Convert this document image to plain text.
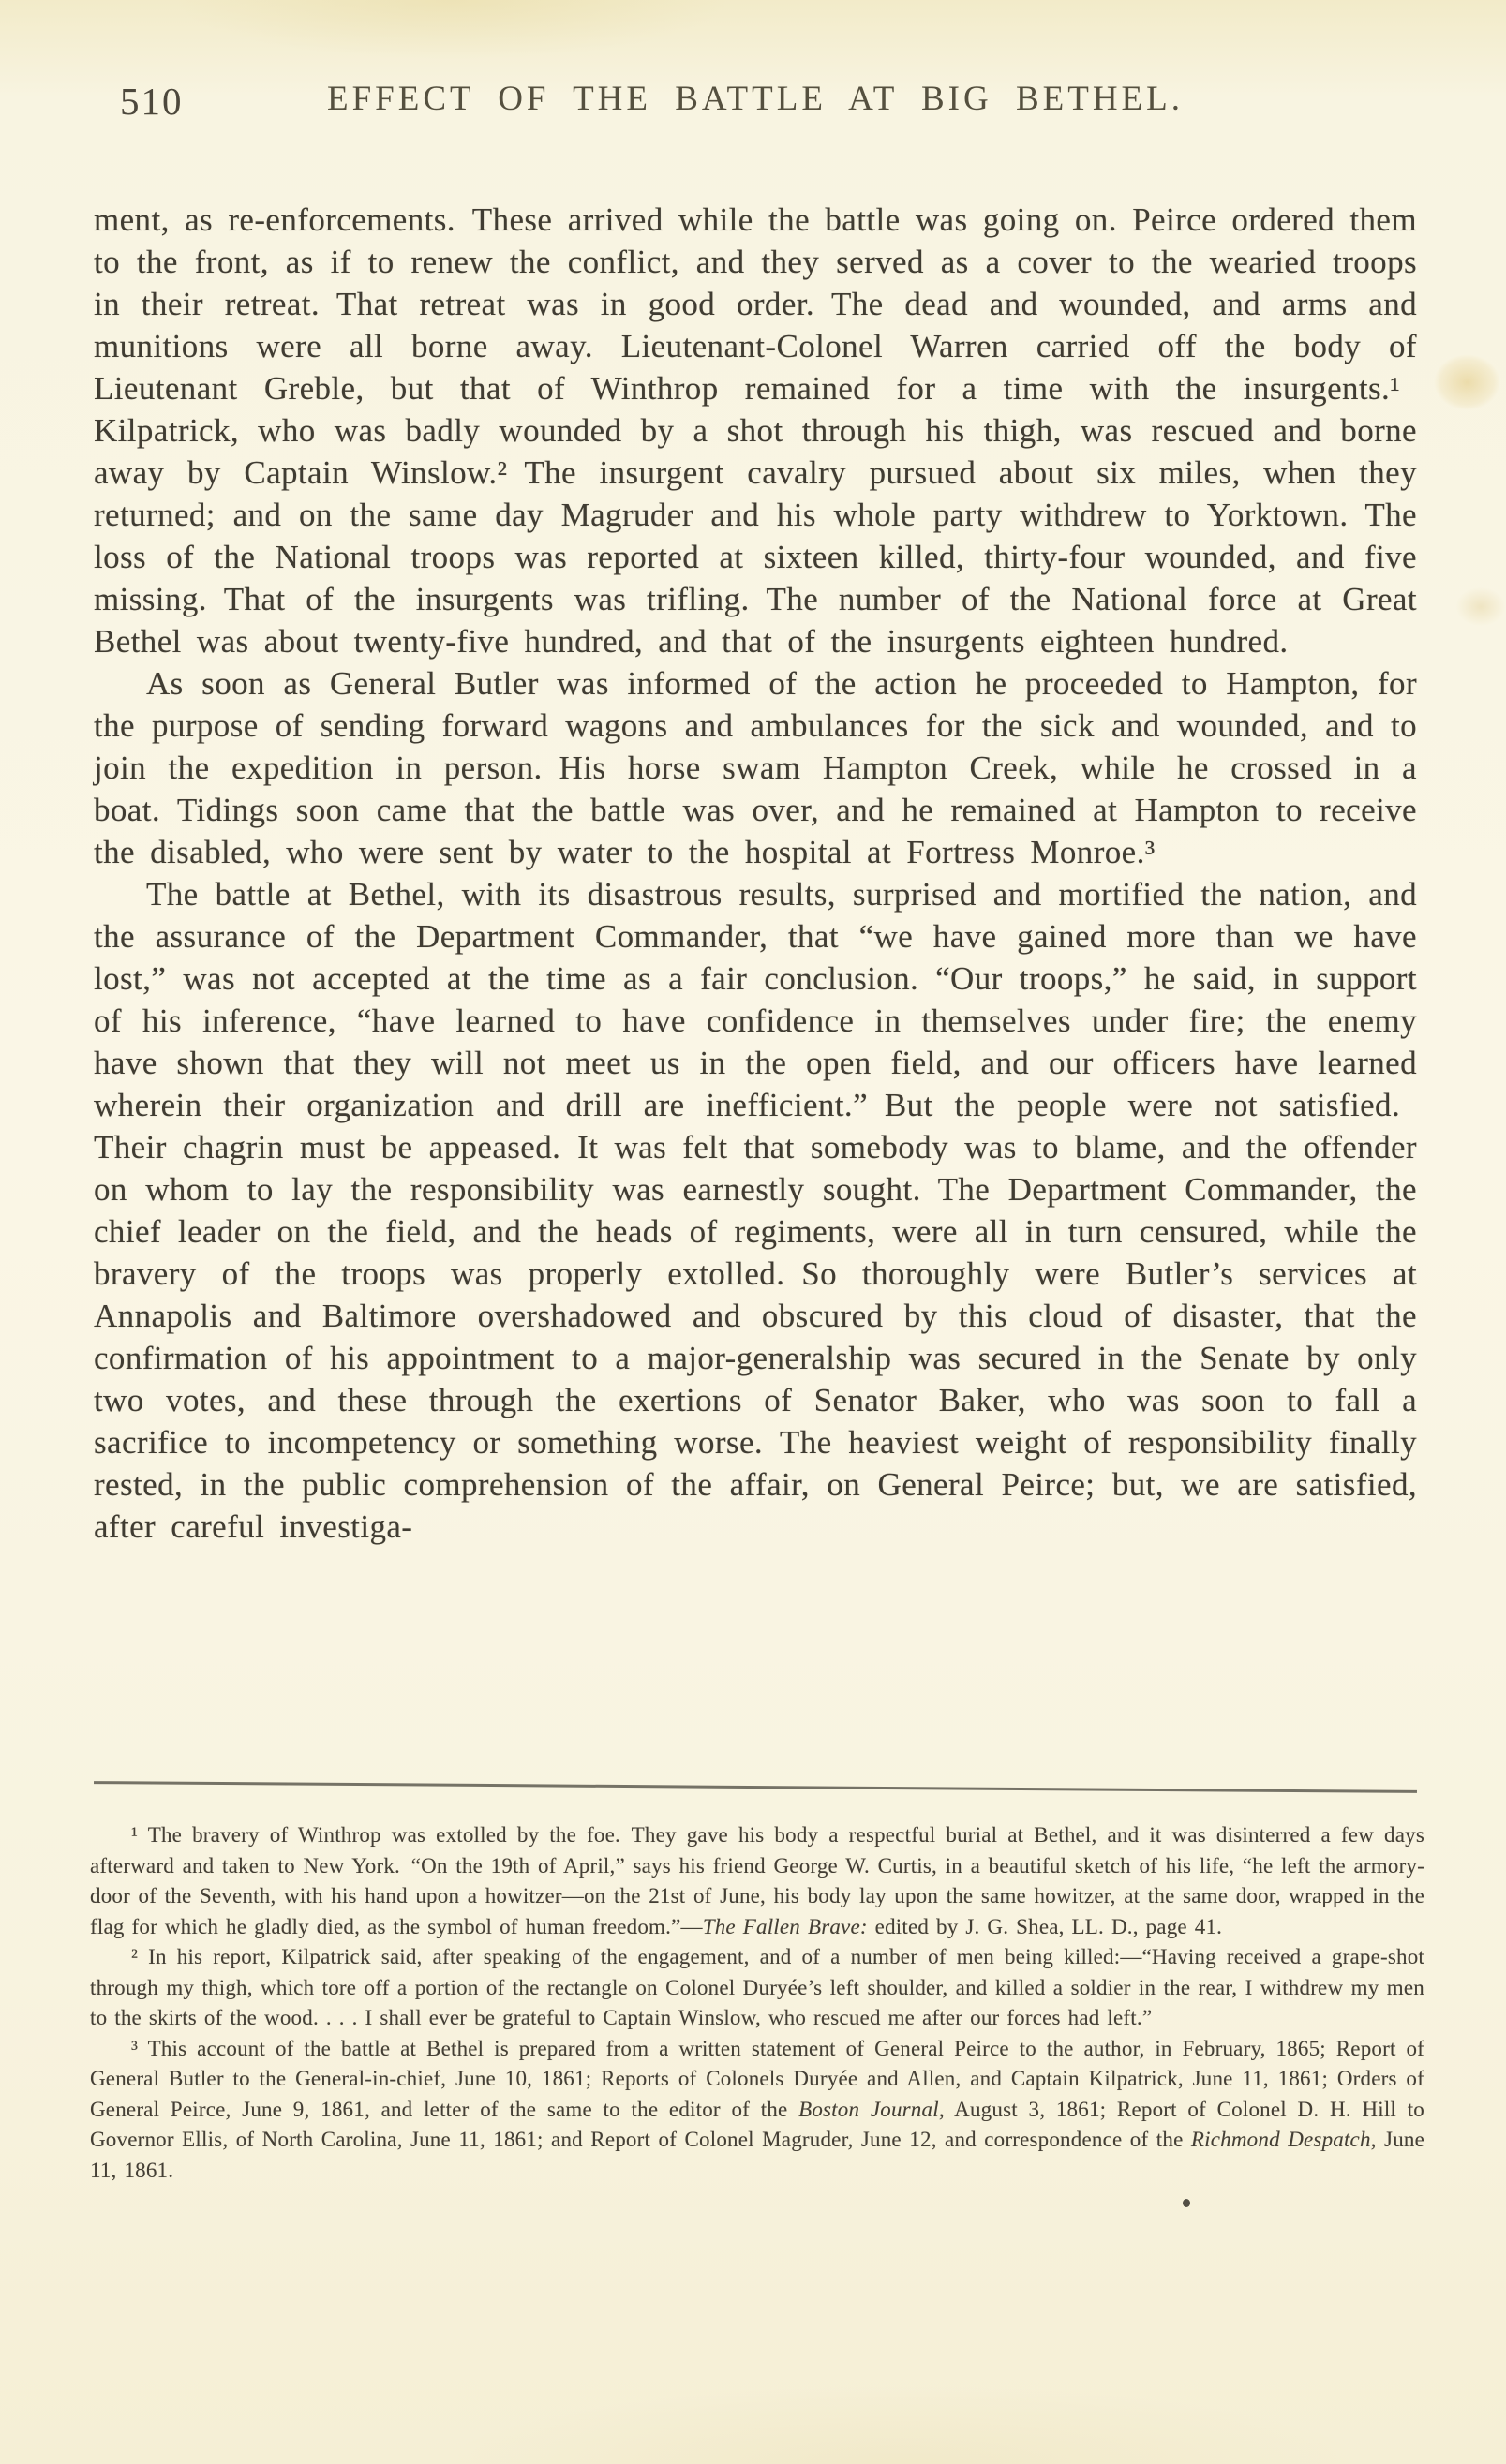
510	EFFECT OF THE BATTLE AT BIG BETHEL.

ment, as re-enforcements. These arrived while the battle was going on. Peirce ordered them to the front, as if to renew the conflict, and they served as a cover to the wearied troops in their retreat. That retreat was in good order. The dead and wounded, and arms and munitions were all borne away. Lieutenant-Colonel Warren carried off the body of Lieutenant Greble, but that of Winthrop remained for a time with the insurgents.¹ Kilpatrick, who was badly wounded by a shot through his thigh, was rescued and borne away by Captain Winslow.² The insurgent cavalry pursued about six miles, when they returned; and on the same day Magruder and his whole party withdrew to Yorktown. The loss of the National troops was reported at sixteen killed, thirty-four wounded, and five missing. That of the insurgents was trifling. The number of the National force at Great Bethel was about twenty-five hundred, and that of the insurgents eighteen hundred.

As soon as General Butler was informed of the action he proceeded to Hampton, for the purpose of sending forward wagons and ambulances for the sick and wounded, and to join the expedition in person. His horse swam Hampton Creek, while he crossed in a boat. Tidings soon came that the battle was over, and he remained at Hampton to receive the disabled, who were sent by water to the hospital at Fortress Monroe.³

The battle at Bethel, with its disastrous results, surprised and mortified the nation, and the assurance of the Department Commander, that “we have gained more than we have lost,” was not accepted at the time as a fair conclusion. “Our troops,” he said, in support of his inference, “have learned to have confidence in themselves under fire; the enemy have shown that they will not meet us in the open field, and our officers have learned wherein their organization and drill are inefficient.” But the people were not satisfied. Their chagrin must be appeased. It was felt that somebody was to blame, and the offender on whom to lay the responsibility was earnestly sought. The Department Commander, the chief leader on the field, and the heads of regiments, were all in turn censured, while the bravery of the troops was properly extolled. So thoroughly were Butler’s services at Annapolis and Baltimore overshadowed and obscured by this cloud of disaster, that the confirmation of his appointment to a major-generalship was secured in the Senate by only two votes, and these through the exertions of Senator Baker, who was soon to fall a sacrifice to incompetency or something worse. The heaviest weight of responsibility finally rested, in the public comprehension of the affair, on General Peirce; but, we are satisfied, after careful investiga-

¹ The bravery of Winthrop was extolled by the foe. They gave his body a respectful burial at Bethel, and it was disinterred a few days afterward and taken to New York. “On the 19th of April,” says his friend George W. Curtis, in a beautiful sketch of his life, “he left the armory-door of the Seventh, with his hand upon a howitzer—on the 21st of June, his body lay upon the same howitzer, at the same door, wrapped in the flag for which he gladly died, as the symbol of human freedom.”—The Fallen Brave: edited by J. G. Shea, LL. D., page 41.

² In his report, Kilpatrick said, after speaking of the engagement, and of a number of men being killed:—“Having received a grape-shot through my thigh, which tore off a portion of the rectangle on Colonel Duryée’s left shoulder, and killed a soldier in the rear, I withdrew my men to the skirts of the wood. . . . I shall ever be grateful to Captain Winslow, who rescued me after our forces had left.”

³ This account of the battle at Bethel is prepared from a written statement of General Peirce to the author, in February, 1865; Report of General Butler to the General-in-chief, June 10, 1861; Reports of Colonels Duryée and Allen, and Captain Kilpatrick, June 11, 1861; Orders of General Peirce, June 9, 1861, and letter of the same to the editor of the Boston Journal, August 3, 1861; Report of Colonel D. H. Hill to Governor Ellis, of North Carolina, June 11, 1861; and Report of Colonel Magruder, June 12, and correspondence of the Richmond Despatch, June 11, 1861.
